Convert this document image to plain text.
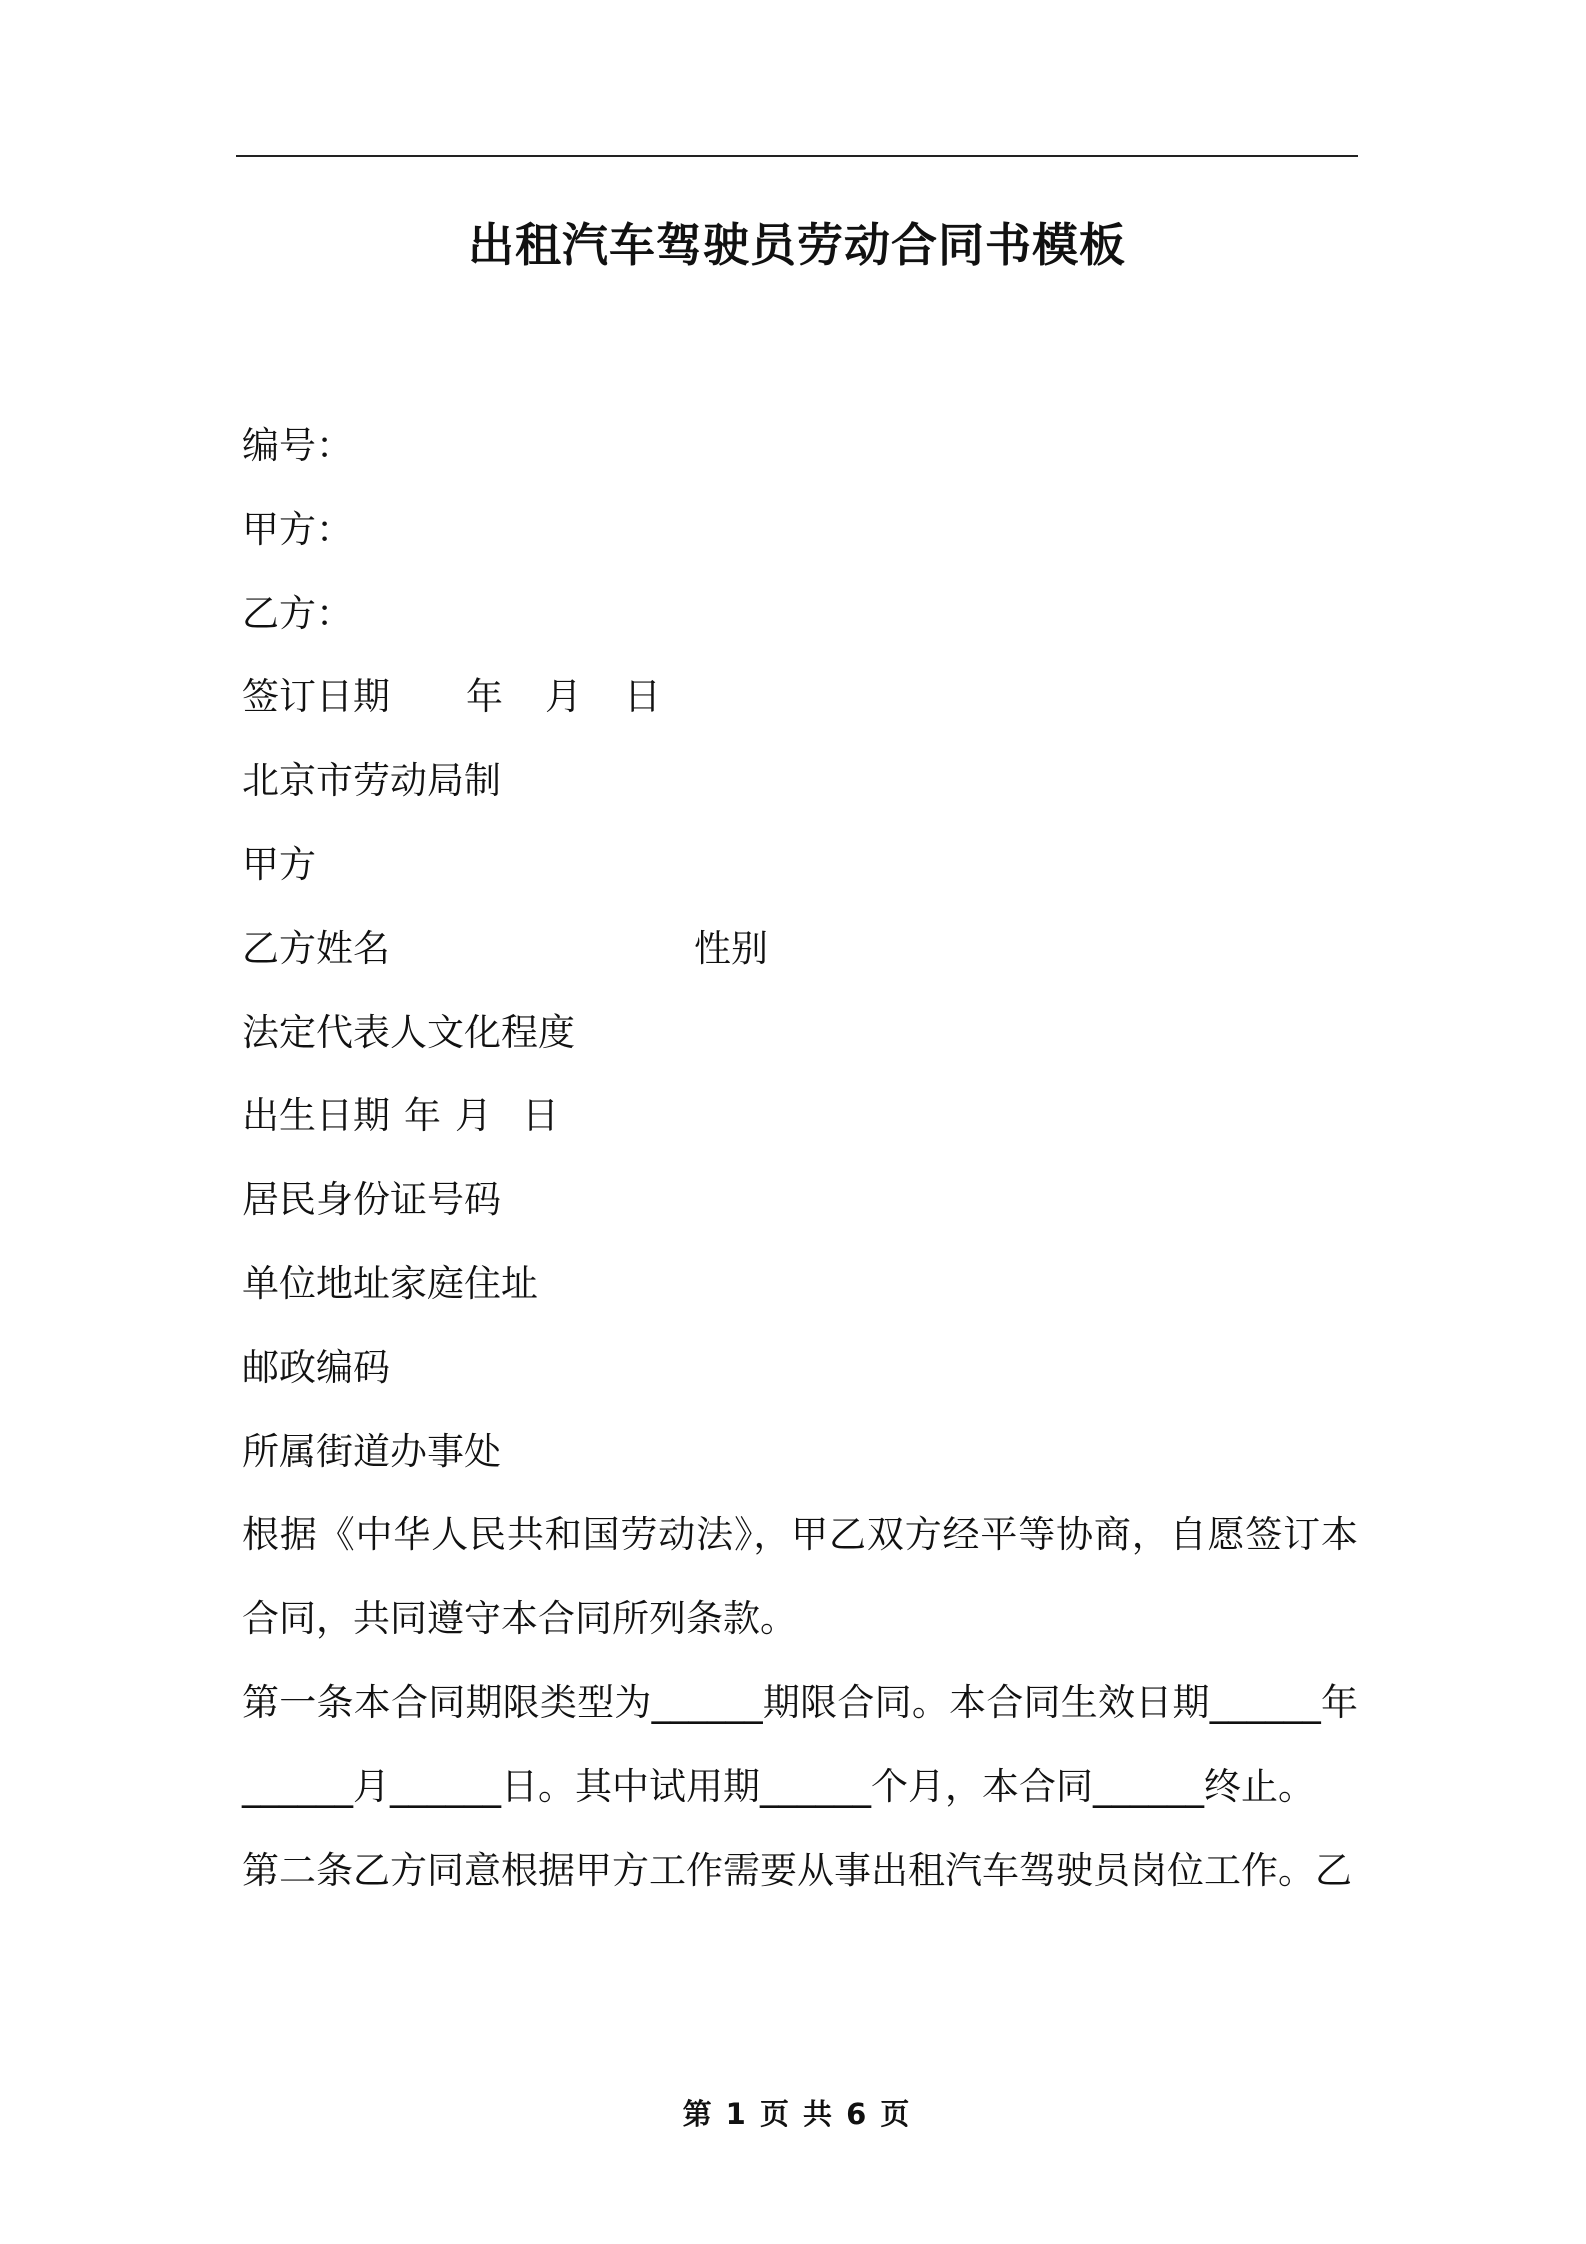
出租汽车驾驶员劳动合同书模板
编号：
甲方：
乙方：
签订日期 年 月 日
北京市劳动局制
甲方
乙方姓名	性别
法定代表人文化程度
出生日期 年 月 日
居民身份证号码
单位地址家庭住址
邮政编码
所属街道办事处

根据《中华人民共和国劳动法》，甲乙双方经平等协商，自愿签订本合同，共同遵守本合同所列条款。

第一条本合同期限类型为______期限合同。本合同生效日期______年______月______日。其中试用期______个月，本合同______终止。

第二条乙方同意根据甲方工作需要从事出租汽车驾驶员岗位工作。乙

第 1 页 共 6 页
